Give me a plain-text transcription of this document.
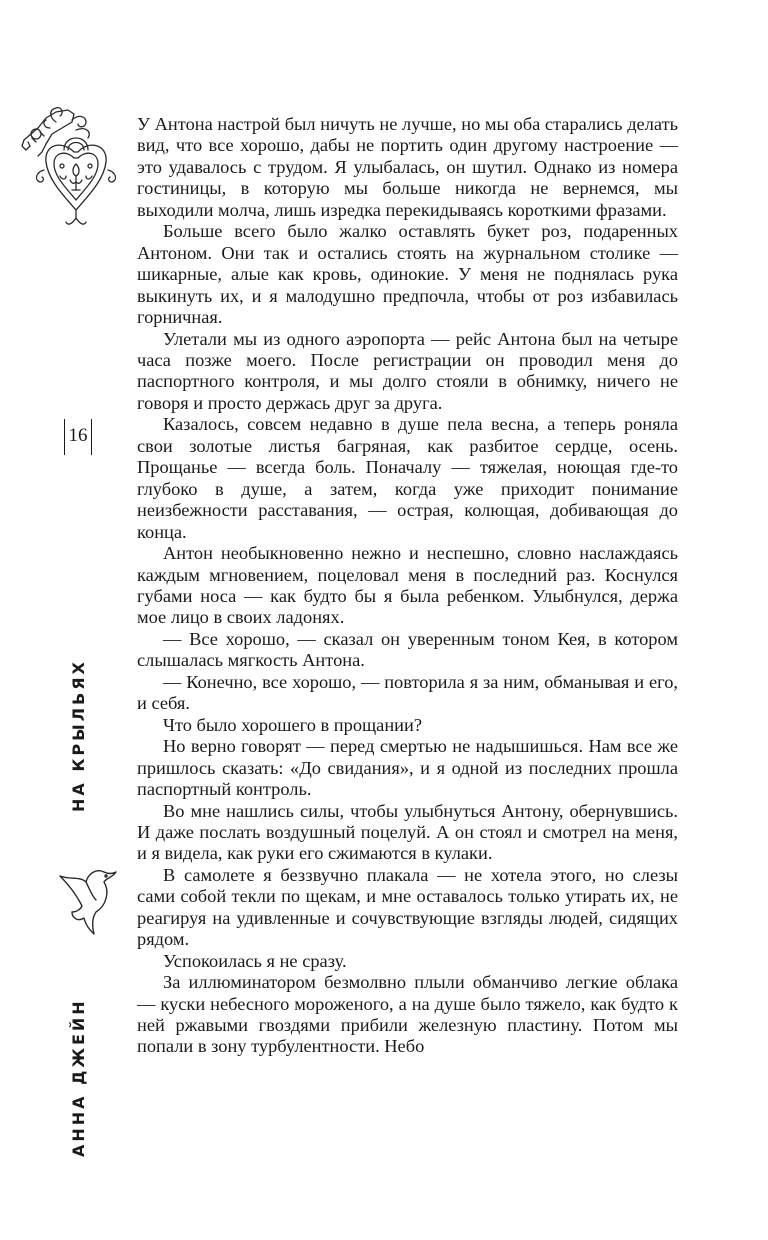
16
НА КРЫЛЬЯХ
АННА ДЖЕЙН

У Антона настрой был ничуть не лучше, но мы оба старались делать вид, что все хорошо, дабы не портить один другому настроение — это удавалось с трудом. Я улыбалась, он шутил. Однако из номера гостиницы, в которую мы больше никогда не вернемся, мы выходили молча, лишь изредка перекидываясь короткими фразами.

Больше всего было жалко оставлять букет роз, подаренных Антоном. Они так и остались стоять на журнальном столике — шикарные, алые как кровь, одинокие. У меня не поднялась рука выкинуть их, и я малодушно предпочла, чтобы от роз избавилась горничная.

Улетали мы из одного аэропорта — рейс Антона был на четыре часа позже моего. После регистрации он проводил меня до паспортного контроля, и мы долго стояли в обнимку, ничего не говоря и просто держась друг за друга.

Казалось, совсем недавно в душе пела весна, а теперь роняла свои золотые листья багряная, как разбитое сердце, осень. Прощанье — всегда боль. Поначалу — тяжелая, ноющая где-то глубоко в душе, а затем, когда уже приходит понимание неизбежности расставания, — острая, колющая, добивающая до конца.

Антон необыкновенно нежно и неспешно, словно наслаждаясь каждым мгновением, поцеловал меня в последний раз. Коснулся губами носа — как будто бы я была ребенком. Улыбнулся, держа мое лицо в своих ладонях.

— Все хорошо, — сказал он уверенным тоном Кея, в котором слышалась мягкость Антона.

— Конечно, все хорошо, — повторила я за ним, обманывая и его, и себя.

Что было хорошего в прощании?

Но верно говорят — перед смертью не надышишься. Нам все же пришлось сказать: «До свидания», и я одной из последних прошла паспортный контроль.

Во мне нашлись силы, чтобы улыбнуться Антону, обернувшись. И даже послать воздушный поцелуй. А он стоял и смотрел на меня, и я видела, как руки его сжимаются в кулаки.

В самолете я беззвучно плакала — не хотела этого, но слезы сами собой текли по щекам, и мне оставалось только утирать их, не реагируя на удивленные и сочувствующие взгляды людей, сидящих рядом.

Успокоилась я не сразу.

За иллюминатором безмолвно плыли обманчиво легкие облака — куски небесного мороженого, а на душе было тяжело, как будто к ней ржавыми гвоздями прибили железную пластину. Потом мы попали в зону турбулентности. Небо
